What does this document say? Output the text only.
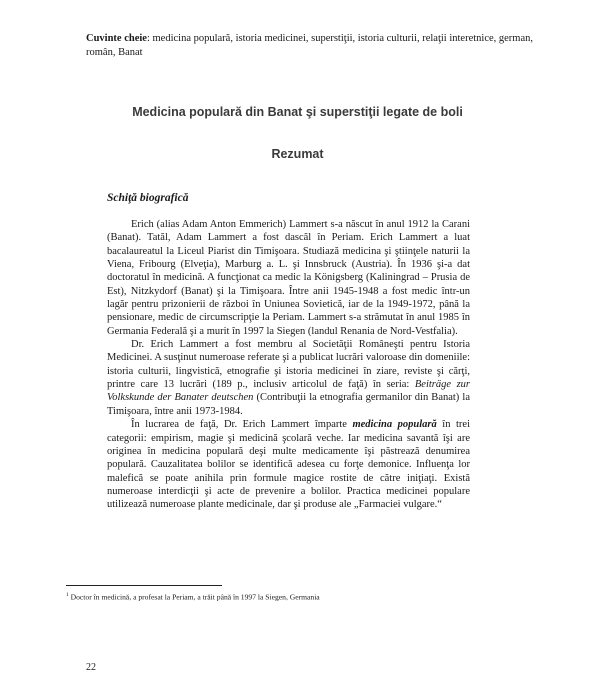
Cuvinte cheie: medicina populară, istoria medicinei, superstiţii, istoria culturii, relaţii interetnice, german, român, Banat
Medicina populară din Banat şi superstiţii legate de boli
Rezumat
Schiţă biografică

Erich (alias Adam Anton Emmerich) Lammert s-a născut în anul 1912 la Carani (Banat). Tatăl, Adam Lammert a fost dascăl în Periam. Erich Lammert a luat bacalaureatul la Liceul Piarist din Timişoara. Studiază medicina şi ştiinţele naturii la Viena, Fribourg (Elveţia), Marburg a. L. şi Innsbruck (Austria). În 1936 şi-a dat doctoratul în medicină. A funcţionat ca medic la Königsberg (Kaliningrad – Prusia de Est), Nitzkydorf (Banat) şi la Timişoara. Între anii 1945-1948 a fost medic într-un lagăr pentru prizonierii de război în Uniunea Sovietică, iar de la 1949-1972, până la pensionare, medic de circumscripţie la Periam. Lammert s-a strămutat în anul 1985 în Germania Federală şi a murit în 1997 la Siegen (landul Renania de Nord-Vestfalia).

Dr. Erich Lammert a fost membru al Societăţii Româneşti pentru Istoria Medicinei. A susţinut numeroase referate şi a publicat lucrări valoroase din domeniile: istoria culturii, lingvistică, etnografie şi istoria medicinei în ziare, reviste şi cărţi, printre care 13 lucrări (189 p., inclusiv articolul de faţă) în seria: Beiträge zur Volkskunde der Banater deutschen (Contribuţii la etnografia germanilor din Banat) la Timişoara, între anii 1973-1984.

În lucrarea de faţă, Dr. Erich Lammert împarte medicina populară în trei categorii: empirism, magie şi medicină şcolară veche. Iar medicina savantă îşi are originea în medicina populară deşi multe medicamente îşi păstrează denumirea populară. Cauzalitatea bolilor se identifică adesea cu forţe demonice. Influenţa lor malefică se poate anihila prin formule magice rostite de către iniţiaţi. Există numeroase interdicţii şi acte de prevenire a bolilor. Practica medicinei populare utilizează numeroase plante medicinale, dar şi produse ale „Farmaciei vulgare.“

$^1$ Doctor în medicină, a profesat la Periam, a trăit până în 1997 la Siegen, Germania
22
